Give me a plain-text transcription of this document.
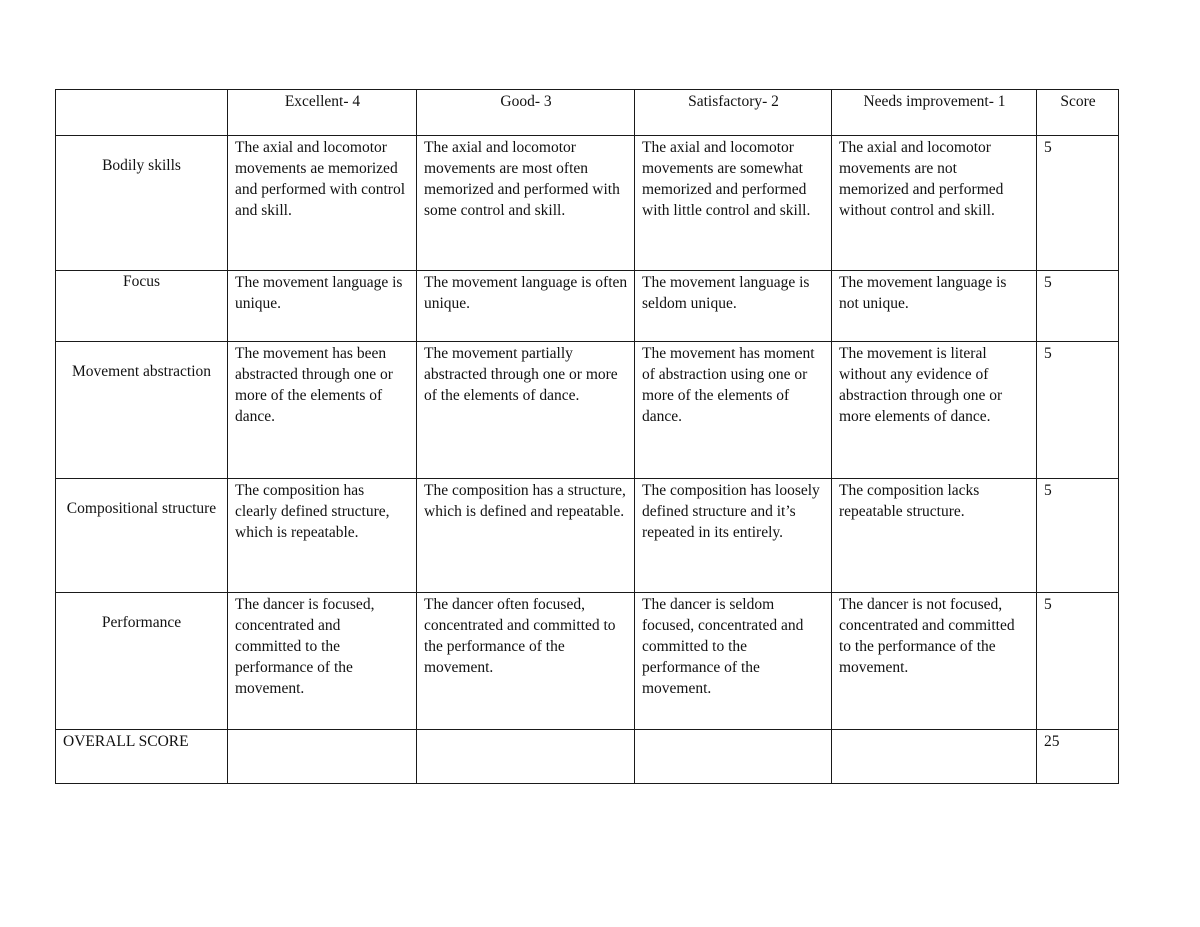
	Excellent- 4	Good- 3	Satisfactory- 2	Needs improvement- 1	Score
Bodily skills	The axial and locomotor movements ae memorized and performed with control and skill.	The axial and locomotor movements are most often memorized and performed with some control and skill.	The axial and locomotor movements are somewhat memorized and performed with little control and skill.	The axial and locomotor movements are not memorized and performed without control and skill.	5
Focus	The movement language is unique.	The movement language is often unique.	The movement language is seldom unique.	The movement language is not unique.	5
Movement abstraction	The movement has been abstracted through one or more of the elements of dance.	The movement partially abstracted through one or more of the elements of dance.	The movement has moment of abstraction using one or more of the elements of dance.	The movement is literal without any evidence of abstraction through one or more elements of dance.	5
Compositional structure	The composition has clearly defined structure, which is repeatable.	The composition has a structure, which is defined and repeatable.	The composition has loosely defined structure and it’s repeated in its entirely.	The composition lacks repeatable structure.	5
Performance	The dancer is focused, concentrated and committed to the performance of the movement.	The dancer often focused, concentrated and committed to the performance of the movement.	The dancer is seldom focused, concentrated and committed to the performance of the movement.	The dancer is not focused, concentrated and committed to the performance of the movement.	5
OVERALL SCORE					25
